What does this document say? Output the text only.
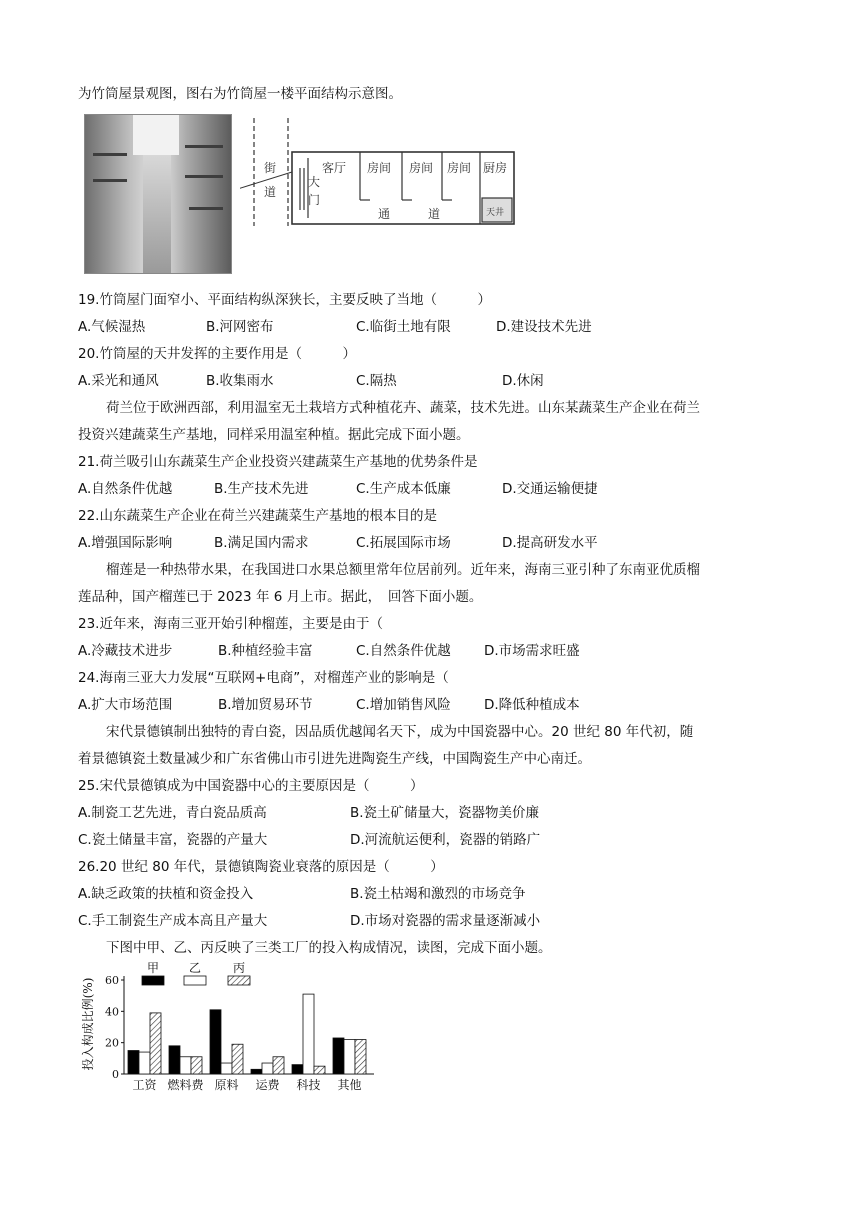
为竹筒屋景观图，图右为竹筒屋一楼平面结构示意图。
街
道
客厅 房间 房间 房间 厨房
天井
大
门
通	道
19.竹筒屋门面窄小、平面结构纵深狭长，主要反映了当地（　　　）
A.气候湿热	B.河网密布	C.临街土地有限	D.建设技术先进
20.竹筒屋的天井发挥的主要作用是（　　　）
A.采光和通风	B.收集雨水	C.隔热	D.休闲
荷兰位于欧洲西部，利用温室无土栽培方式种植花卉、蔬菜，技术先进。山东某蔬菜生产企业在荷兰
投资兴建蔬菜生产基地，同样采用温室种植。据此完成下面小题。
21.荷兰吸引山东蔬菜生产企业投资兴建蔬菜生产基地的优势条件是
A.自然条件优越	B.生产技术先进	C.生产成本低廉	D.交通运输便捷
22.山东蔬菜生产企业在荷兰兴建蔬菜生产基地的根本目的是
A.增强国际影响	B.满足国内需求	C.拓展国际市场	D.提高研发水平
榴莲是一种热带水果，在我国进口水果总额里常年位居前列。近年来，海南三亚引种了东南亚优质榴
莲品种，国产榴莲已于 2023 年 6 月上市。据此，　回答下面小题。
23.近年来，海南三亚开始引种榴莲，主要是由于（
A.冷藏技术进步	B.种植经验丰富	C.自然条件优越 D.市场需求旺盛
24.海南三亚大力发展“互联网+电商”，对榴莲产业的影响是（
A.扩大市场范围	B.增加贸易环节	C.增加销售风险 D.降低种植成本
宋代景德镇制出独特的青白瓷，因品质优越闻名天下，成为中国瓷器中心。20 世纪 80 年代初，随
着景德镇瓷土数量减少和广东省佛山市引进先进陶瓷生产线，中国陶瓷生产中心南迁。
25.宋代景德镇成为中国瓷器中心的主要原因是（　　　）
A.制瓷工艺先进，青白瓷品质高	B.瓷土矿储量大，瓷器物美价廉
C.瓷土储量丰富，瓷器的产量大	D.河流航运便利，瓷器的销路广
26.20 世纪 80 年代，景德镇陶瓷业衰落的原因是（　　　）
A.缺乏政策的扶植和资金投入	B.瓷土枯竭和激烈的市场竞争
C.手工制瓷生产成本高且产量大	D.市场对瓷器的需求量逐渐减小
下图中甲、乙、丙反映了三类工厂的投入构成情况，读图，完成下面小题。
投入构成比例(%)
0
20
40
60
工资 燃料费 原料 运费 科技 其他
甲 乙	丙
